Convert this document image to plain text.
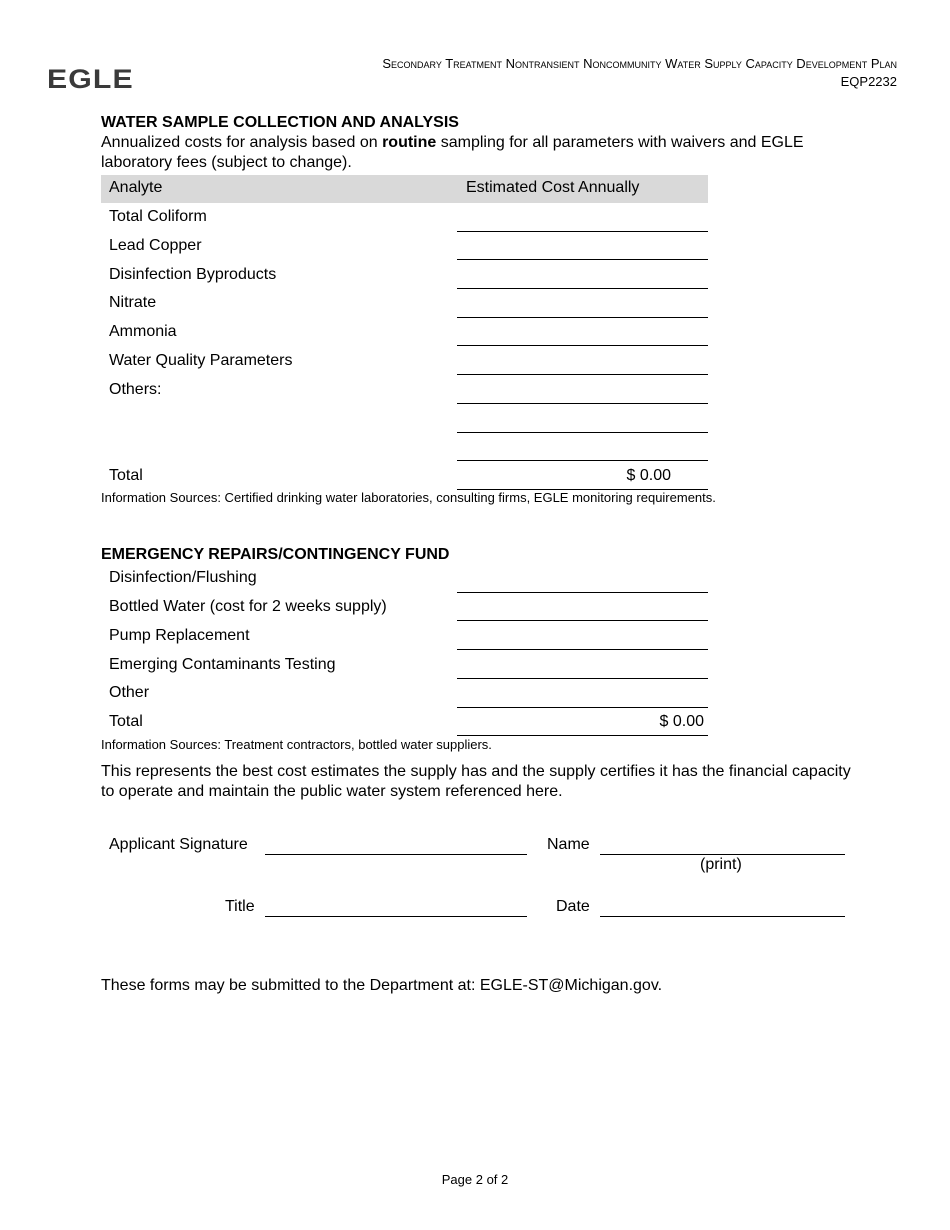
EGLE
Secondary Treatment Nontransient Noncommunity Water Supply Capacity Development Plan
EQP2232
WATER SAMPLE COLLECTION AND ANALYSIS
Annualized costs for analysis based on routine sampling for all parameters with waivers and EGLE laboratory fees (subject to change).
Analyte	Estimated Cost Annually
Total Coliform
Lead Copper
Disinfection Byproducts
Nitrate
Ammonia
Water Quality Parameters
Others:
Total	$ 0.00
Information Sources: Certified drinking water laboratories, consulting firms, EGLE monitoring requirements.
EMERGENCY REPAIRS/CONTINGENCY FUND
Disinfection/Flushing
Bottled Water (cost for 2 weeks supply)
Pump Replacement
Emerging Contaminants Testing
Other
Total	$ 0.00
Information Sources: Treatment contractors, bottled water suppliers.
This represents the best cost estimates the supply has and the supply certifies it has the financial capacity to operate and maintain the public water system referenced here.
Applicant Signature	Name
(print)
Title	Date
These forms may be submitted to the Department at: EGLE-ST@Michigan.gov.
Page 2 of 2
